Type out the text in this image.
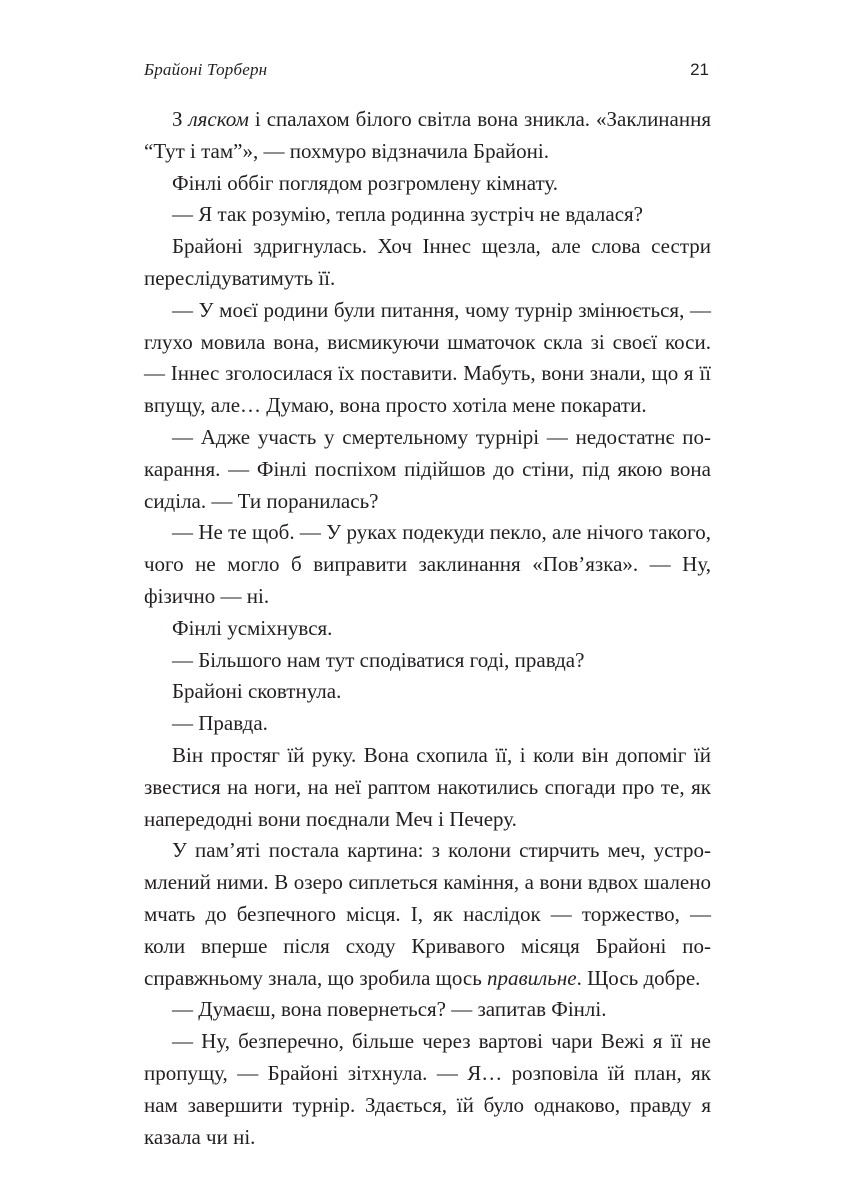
Брайоні Торберн	21

З ляском і спалахом білого світла вона зникла. «Заклинання “Тут і там”», — похмуро відзначила Брайоні.

Фінлі оббіг поглядом розгромлену кімнату.

— Я так розумію, тепла родинна зустріч не вдалася?

Брайоні здригнулась. Хоч Іннес щезла, але слова сестри переслідуватимуть її.

— У моєї родини були питання, чому турнір змінюється, — глухо мовила вона, висмикуючи шматочок скла зі своєї коси. — Іннес зголосилася їх поставити. Мабуть, вони знали, що я її впущу, але… Думаю, вона просто хотіла мене покарати.

— Адже участь у смертельному турнірі — недостатнє покарання. — Фінлі поспіхом підійшов до стіни, під якою вона сиділа. — Ти поранилась?

— Не те щоб. — У руках подекуди пекло, але нічого такого, чого не могло б виправити заклинання «Пов’язка». — Ну, фізично — ні.

Фінлі усміхнувся.

— Більшого нам тут сподіватися годі, правда?

Брайоні сковтнула.

— Правда.

Він простяг їй руку. Вона схопила її, і коли він допоміг їй звестися на ноги, на неї раптом накотились спогади про те, як напередодні вони поєднали Меч і Печеру.

У пам’яті постала картина: з колони стирчить меч, устромлений ними. В озеро сиплеться каміння, а вони вдвох шалено мчать до безпечного місця. І, як наслідок — торжество, — коли вперше після сходу Кривавого місяця Брайоні по-справжньому знала, що зробила щось правильне. Щось добре.

— Думаєш, вона повернеться? — запитав Фінлі.

— Ну, безперечно, більше через вартові чари Вежі я її не пропущу, — Брайоні зітхнула. — Я… розповіла їй план, як нам завершити турнір. Здається, їй було однаково, правду я казала чи ні.
